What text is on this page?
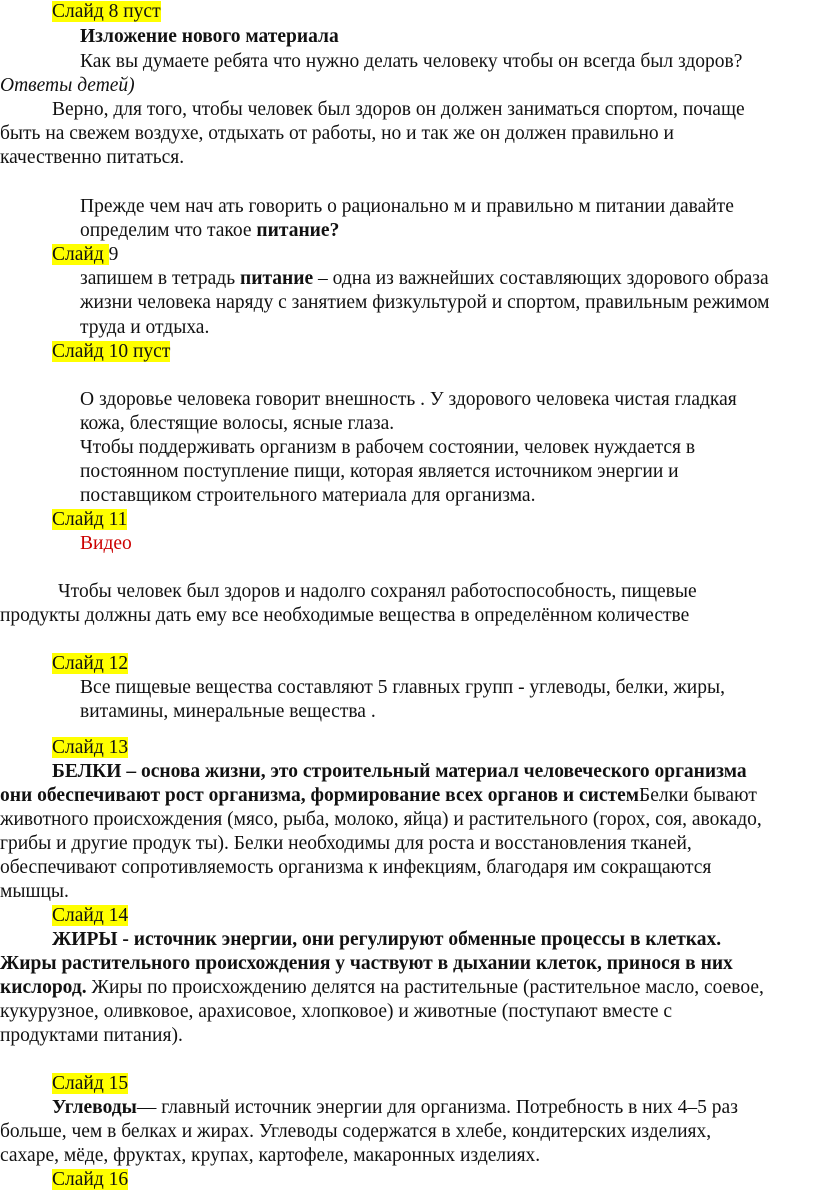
Слайд 8 пуст
Изложение нового материала
Как вы думаете ребята что нужно делать человеку чтобы он всегда был здоров?
Ответы детей)
Верно, для того, чтобы человек был здоров он должен заниматься спортом, почаще
быть на свежем воздухе, отдыхать от работы, но и так же он должен правильно и
качественно питаться.
Прежде чем нач ать говорить о рационально м и правильно м питании давайте
определим что такое питание?
Слайд 9
запишем в тетрадь питание – одна из важнейших составляющих здорового образа
жизни человека наряду с занятием физкультурой и спортом, правильным режимом
труда и отдыха.
Слайд 10 пуст
О здоровье человека говорит внешность . У здорового человека чистая гладкая
кожа, блестящие волосы, ясные глаза.
Чтобы поддерживать организм в рабочем состоянии, человек нуждается в
постоянном поступление пищи, которая является источником энергии и
поставщиком строительного материала для организма.
Слайд 11
Видео
Чтобы человек был здоров и надолго сохранял работоспособность, пищевые
продукты должны дать ему все необходимые вещества в определённом количестве
Слайд 12
Все пищевые вещества составляют 5 главных групп - углеводы, белки, жиры,
витамины, минеральные вещества .
Слайд 13
БЕЛКИ – основа жизни, это строительный материал человеческого организма
они обеспечивают рост организма, формирование всех органов и системБелки бывают
животного происхождения (мясо, рыба, молоко, яйца) и растительного (горох, соя, авокадо,
грибы и другие продук ты). Белки необходимы для роста и восстановления тканей,
обеспечивают сопротивляемость организма к инфекциям, благодаря им сокращаются
мышцы.
Слайд 14
ЖИРЫ - источник энергии, они регулируют обменные процессы в клетках.
Жиры растительного происхождения у частвуют в дыхании клеток, принося в них
кислород. Жиры по происхождению делятся на растительные (растительное масло, соевое,
кукурузное, оливковое, арахисовое, хлопковое) и животные (поступают вместе с
продуктами питания).
Слайд 15
Углеводы— главный источник энергии для организма. Потребность в них 4–5 раз
больше, чем в белках и жирах. Углеводы содержатся в хлебе, кондитерских изделиях,
сахаре, мёде, фруктах, крупах, картофеле, макаронных изделиях.
Слайд 16
